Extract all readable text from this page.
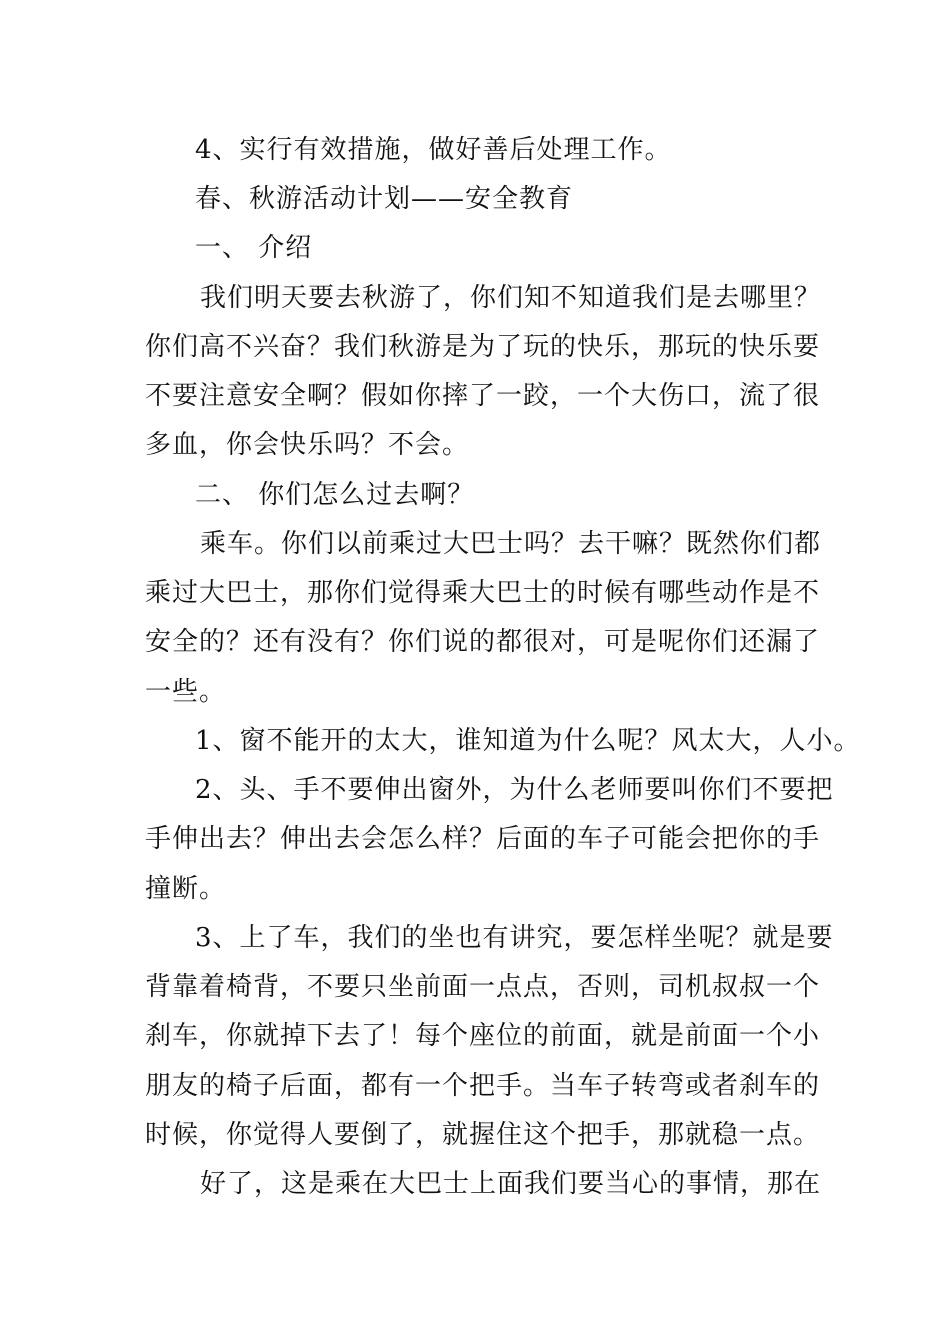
4、实行有效措施，做好善后处理工作。
春、秋游活动计划——安全教育
一、 介绍
我们明天要去秋游了，你们知不知道我们是去哪里？
你们高不兴奋？我们秋游是为了玩的快乐，那玩的快乐要
不要注意安全啊？假如你摔了一跤，一个大伤口，流了很
多血，你会快乐吗？不会。
二、 你们怎么过去啊？
乘车。你们以前乘过大巴士吗？去干嘛？既然你们都
乘过大巴士，那你们觉得乘大巴士的时候有哪些动作是不
安全的？还有没有？你们说的都很对，可是呢你们还漏了
一些。
1、窗不能开的太大，谁知道为什么呢？风太大，人小。
2、头、手不要伸出窗外，为什么老师要叫你们不要把
手伸出去？伸出去会怎么样？后面的车子可能会把你的手
撞断。
3、上了车，我们的坐也有讲究，要怎样坐呢？就是要
背靠着椅背，不要只坐前面一点点，否则，司机叔叔一个
刹车，你就掉下去了！每个座位的前面，就是前面一个小
朋友的椅子后面，都有一个把手。当车子转弯或者刹车的
时候，你觉得人要倒了，就握住这个把手，那就稳一点。
好了，这是乘在大巴士上面我们要当心的事情，那在
